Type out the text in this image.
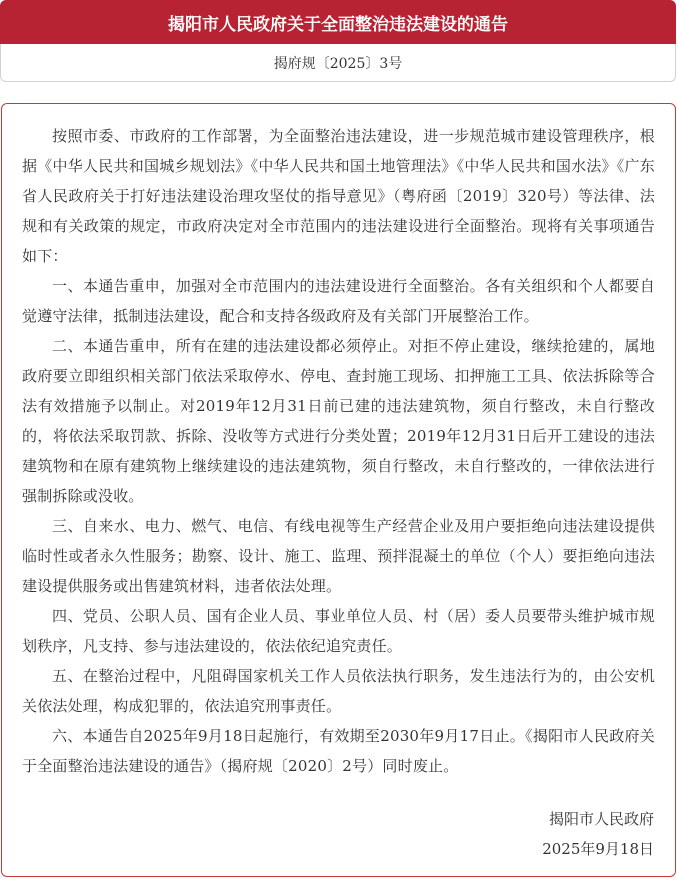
揭阳市人民政府关于全面整治违法建设的通告
揭府规〔2025〕3号

按照市委、市政府的工作部署，为全面整治违法建设，进一步规范城市建设管理秩序，根据《中华人民共和国城乡规划法》《中华人民共和国土地管理法》《中华人民共和国水法》《广东省人民政府关于打好违法建设治理攻坚仗的指导意见》（粤府函〔2019〕320号）等法律、法规和有关政策的规定，市政府决定对全市范围内的违法建设进行全面整治。现将有关事项通告如下：

一、本通告重申，加强对全市范围内的违法建设进行全面整治。各有关组织和个人都要自觉遵守法律，抵制违法建设，配合和支持各级政府及有关部门开展整治工作。

二、本通告重申，所有在建的违法建设都必须停止。对拒不停止建设，继续抢建的，属地政府要立即组织相关部门依法采取停水、停电、查封施工现场、扣押施工工具、依法拆除等合法有效措施予以制止。对2019年12月31日前已建的违法建筑物，须自行整改，未自行整改的，将依法采取罚款、拆除、没收等方式进行分类处置；2019年12月31日后开工建设的违法建筑物和在原有建筑物上继续建设的违法建筑物，须自行整改，未自行整改的，一律依法进行强制拆除或没收。

三、自来水、电力、燃气、电信、有线电视等生产经营企业及用户要拒绝向违法建设提供临时性或者永久性服务；勘察、设计、施工、监理、预拌混凝土的单位（个人）要拒绝向违法建设提供服务或出售建筑材料，违者依法处理。

四、党员、公职人员、国有企业人员、事业单位人员、村（居）委人员要带头维护城市规划秩序，凡支持、参与违法建设的，依法依纪追究责任。

五、在整治过程中，凡阻碍国家机关工作人员依法执行职务，发生违法行为的，由公安机关依法处理，构成犯罪的，依法追究刑事责任。

六、本通告自2025年9月18日起施行，有效期至2030年9月17日止。《揭阳市人民政府关于全面整治违法建设的通告》（揭府规〔2020〕2号）同时废止。

揭阳市人民政府
2025年9月18日
